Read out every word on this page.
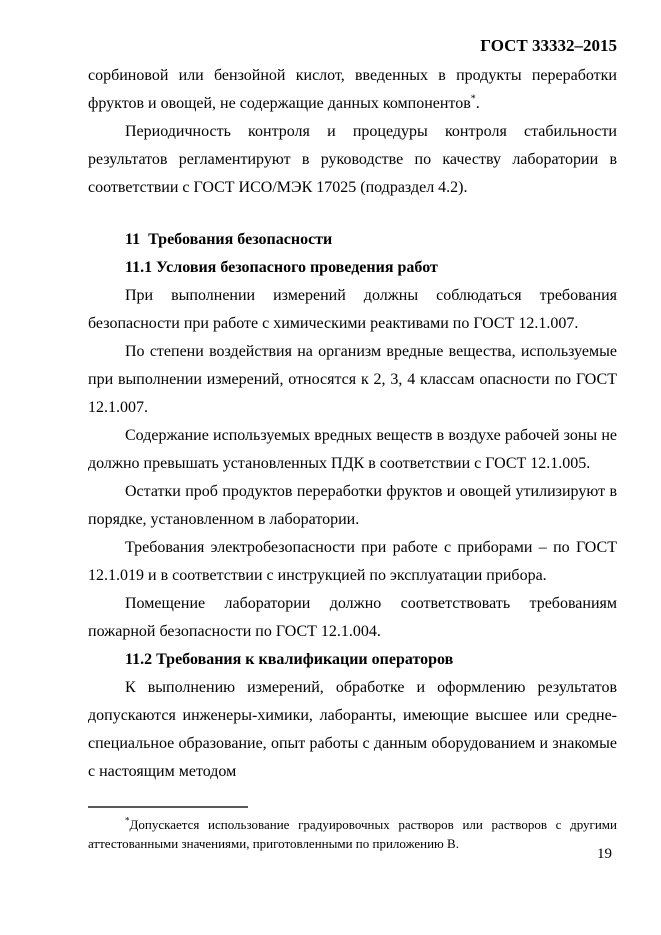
ГОСТ 33332–2015

сорбиновой или бензойной кислот, введенных в продукты переработки фруктов и овощей, не содержащие данных компонентов*.

Периодичность контроля и процедуры контроля стабильности результатов регламентируют в руководстве по качеству лаборатории в соответствии с ГОСТ ИСО/МЭК 17025 (подраздел 4.2).

11  Требования безопасности
11.1 Условия безопасного проведения работ

При выполнении измерений должны соблюдаться требования безопасности при работе с химическими реактивами по ГОСТ 12.1.007.

По степени воздействия на организм вредные вещества, используемые при выполнении измерений, относятся к 2, 3, 4 классам опасности по ГОСТ 12.1.007.

Содержание используемых вредных веществ в воздухе рабочей зоны не должно превышать установленных ПДК в соответствии с ГОСТ 12.1.005.

Остатки проб продуктов переработки фруктов и овощей утилизируют в порядке, установленном в лаборатории.

Требования электробезопасности при работе с приборами – по ГОСТ 12.1.019 и в соответствии с инструкцией по эксплуатации прибора.

Помещение лаборатории должно соответствовать требованиям пожарной безопасности по ГОСТ 12.1.004.

11.2 Требования к квалификации операторов

К выполнению измерений, обработке и оформлению результатов допускаются инженеры-химики, лаборанты, имеющие высшее или средне-специальное образование, опыт работы с данным оборудованием и знакомые с настоящим методом

*Допускается использование градуировочных растворов или растворов с другими аттестованными значениями, приготовленными по приложению В.

19
